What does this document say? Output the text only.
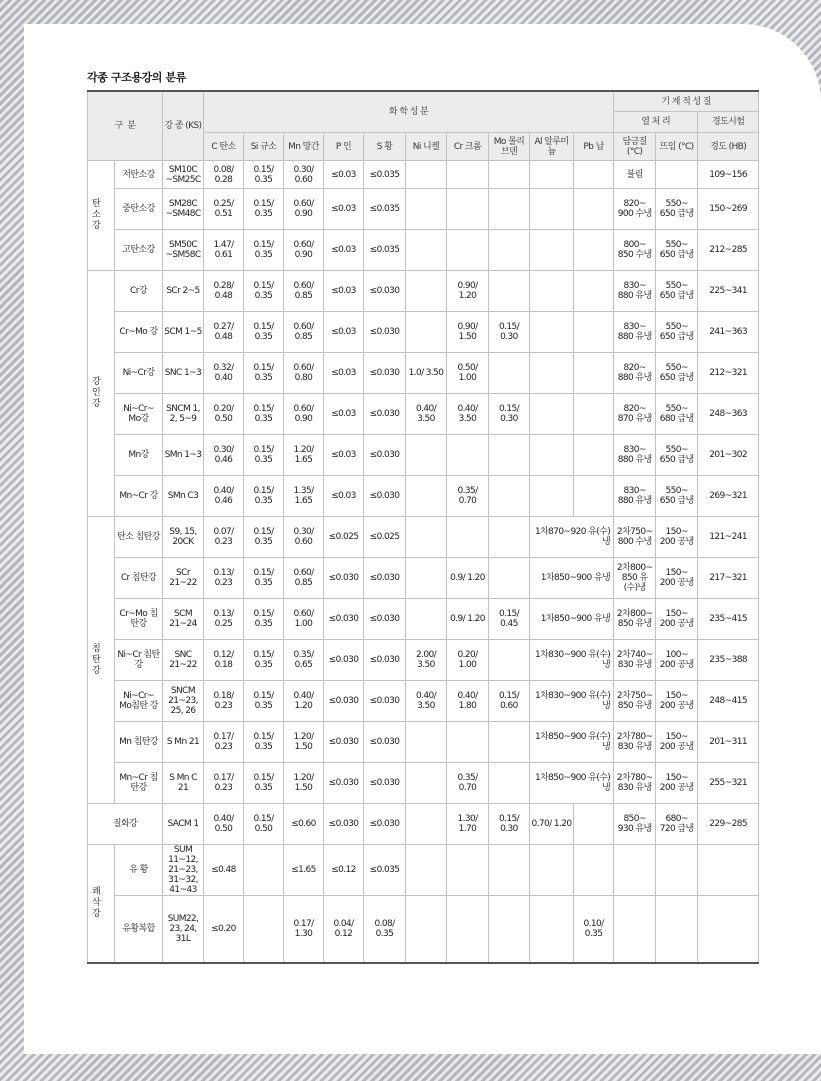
각종 구조용강의 분류
구  분		강 종 (KS)	화 학 성 분										기 계 적 성 질		
													열 처 리		경도시험
			C 탄소	Si 규소	Mn 망간	P 인	S 황	Ni 니켈	Cr 크롬	Mo 몰리브덴	Al 알루미늄	Pb 납	담금질 (°C)	뜨임 (°C)	경도 (HB)

탄
소
강	저탄소강	SM10C ~SM25C	0.08/ 0.28	0.15/ 0.35	0.30/ 0.60	≤0.03	≤0.035						불림		109~156
	중탄소강	SM28C ~SM48C	0.25/ 0.51	0.15/ 0.35	0.60/ 0.90	≤0.03	≤0.035						820~ 900 수냉	550~ 650 급냉	150~269
	고탄소강	SM50C ~SM58C	1.47/ 0.61	0.15/ 0.35	0.60/ 0.90	≤0.03	≤0.035						800~ 850 수냉	550~ 650 급냉	212~285

강
인
강	Cr강	SCr 2~5	0.28/ 0.48	0.15/ 0.35	0.60/ 0.85	≤0.03	≤0.030		0.90/ 1.20				830~ 880 유냉	550~ 650 급냉	225~341
	Cr~Mo 강	SCM 1~5	0.27/ 0.48	0.15/ 0.35	0.60/ 0.85	≤0.03	≤0.030		0.90/ 1.50	0.15/ 0.30			830~ 880 유냉	550~ 650 급냉	241~363
	Ni~Cr강	SNC 1~3	0.32/ 0.40	0.15/ 0.35	0.60/ 0.80	≤0.03	≤0.030	1.0/ 3.50	0.50/ 1.00				820~ 880 유냉	550~ 650 급냉	212~321
	Ni~Cr~ Mo강	SNCM 1, 2, 5~9	0.20/ 0.50	0.15/ 0.35	0.60/ 0.90	≤0.03	≤0.030	0.40/ 3.50	0.40/ 3.50	0.15/ 0.30			820~ 870 유냉	550~ 680 급냉	248~363
	Mn강	SMn 1~3	0.30/ 0.46	0.15/ 0.35	1.20/ 1.65	≤0.03	≤0.030						830~ 880 유냉	550~ 650 급냉	201~302
	Mn~Cr 강	SMn C3	0.40/ 0.46	0.15/ 0.35	1.35/ 1.65	≤0.03	≤0.030		0.35/ 0.70				830~ 880 유냉	550~ 650 급냉	269~321

침
탄
강	탄소 침탄강	S9, 15, 20CK	0.07/ 0.23	0.15/ 0.35	0.30/ 0.60	≤0.025	≤0.025				1차870~920 유(수)냉		2차750~ 800 수냉	150~ 200 공냉	121~241
	Cr 침탄강	SCr 21~22	0.13/ 0.23	0.15/ 0.35	0.60/ 0.85	≤0.030	≤0.030		0.9/ 1.20		1차850~900 유냉		2차800~ 850 유(수)냉	150~ 200 공냉	217~321
	Cr~Mo 침탄강	SCM 21~24	0.13/ 0.25	0.15/ 0.35	0.60/ 1.00	≤0.030	≤0.030		0.9/ 1.20	0.15/ 0.45	1차850~900 유냉		2차800~ 850 유냉	150~ 200 공냉	235~415
	Ni~Cr 침탄강	SNC 21~22	0.12/ 0.18	0.15/ 0.35	0.35/ 0.65	≤0.030	≤0.030	2.00/ 3.50	0.20/ 1.00		1차830~900 유(수)냉		2차740~ 830 유냉	100~ 200 공냉	235~388
	Ni~Cr~ Mo침탄 강	SNCM 21~23, 25, 26	0.18/ 0.23	0.15/ 0.35	0.40/ 1.20	≤0.030	≤0.030	0.40/ 3.50	0.40/ 1.80	0.15/ 0.60	1차830~900 유(수)냉		2차750~ 850 유냉	150~ 200 공냉	248~415
	Mn 침탄강	S Mn 21	0.17/ 0.23	0.15/ 0.35	1.20/ 1.50	≤0.030	≤0.030				1차850~900 유(수)냉		2차780~ 830 유냉	150~ 200 공냉	201~311
	Mn~Cr 침탄강	S Mn C 21	0.17/ 0.23	0.15/ 0.35	1.20/ 1.50	≤0.030	≤0.030		0.35/ 0.70		1차850~900 유(수)냉		2차780~ 830 유냉	150~ 200 공냉	255~321
질화강		SACM 1	0.40/ 0.50	0.15/ 0.50	≤0.60	≤0.030	≤0.030		1.30/ 1.70	0.15/ 0.30	0.70/ 1.20		850~ 930 유냉	680~ 720 급냉	229~285

쾌
삭
강	유 황	SUM 11~12, 21~23, 31~32, 41~43	≤0.48		≤1.65	≤0.12	≤0.035								
	유황복합	SUM22, 23, 24, 31L	≤0.20		0.17/ 1.30	0.04/ 0.12	0.08/ 0.35					0.10/ 0.35			
